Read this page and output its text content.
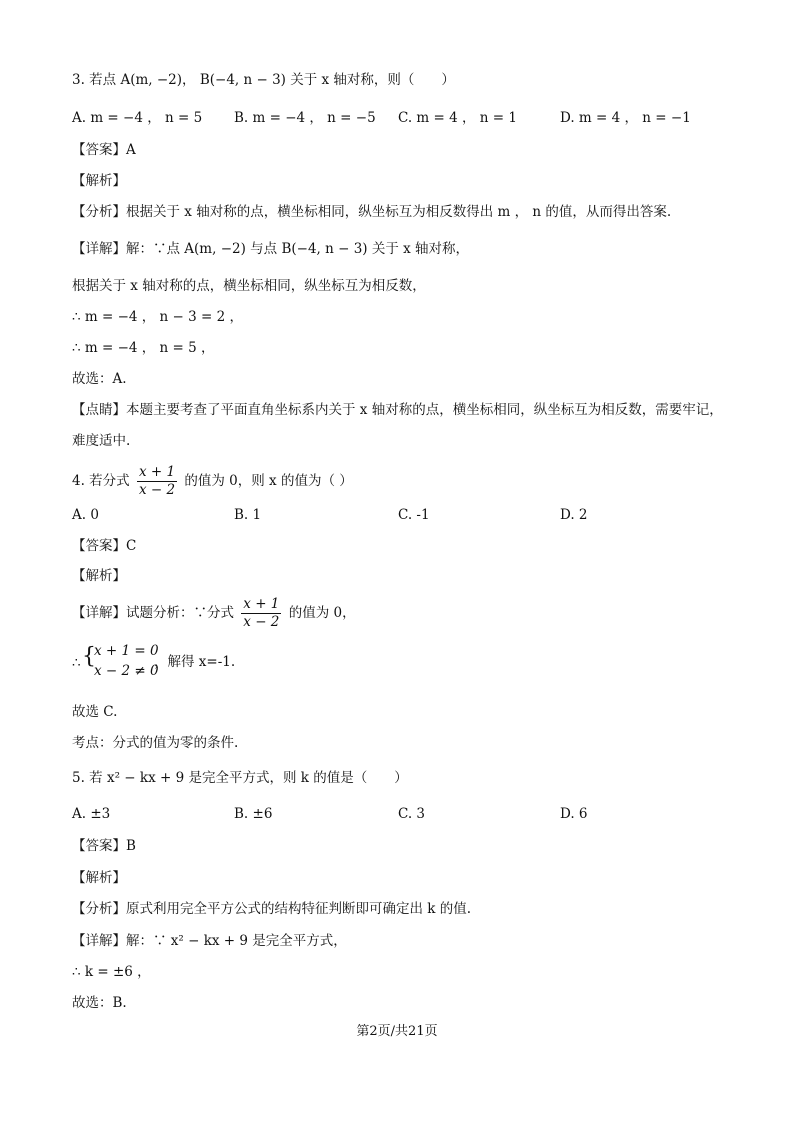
3. 若点 A(m, −2)， B(−4, n − 3) 关于 x 轴对称，则（　　）
A. m = −4 ， n = 5 B. m = −4 ， n = −5 C. m = 4 ， n = 1	D. m = 4 ， n = −1
【答案】A
【解析】
【分析】根据关于 x 轴对称的点，横坐标相同，纵坐标互为相反数得出 m ， n 的值，从而得出答案.
【详解】解：∵点 A(m, −2) 与点 B(−4, n − 3) 关于 x 轴对称，
根据关于 x 轴对称的点，横坐标相同，纵坐标互为相反数，
∴ m = −4 ， n − 3 = 2 ，
∴ m = −4 ， n = 5 ，
故选：A.
【点睛】本题主要考查了平面直角坐标系内关于 x 轴对称的点，横坐标相同，纵坐标互为相反数，需要牢记，
难度适中.
4. 若分式 $\frac{x + 1}{x - 2}$ 的值为 0，则 x 的值为（ ）
A. 0	B. 1	C. -1	D. 2
【答案】C
【解析】
【详解】试题分析：∵分式 $\frac{x + 1}{x - 2}$ 的值为 0，
∴ {
x + 1 = 0
x − 2 ≠ 0
，解得 x=-1.
故选 C.
考点：分式的值为零的条件.
5. 若 x² − kx + 9 是完全平方式，则 k 的值是（　　）
A. ±3	B. ±6	C. 3	D. 6
【答案】B
【解析】
【分析】原式利用完全平方公式的结构特征判断即可确定出 k 的值.
【详解】解：∵ x² − kx + 9 是完全平方式，
∴ k = ±6 ，
故选：B.
第2页/共21页
